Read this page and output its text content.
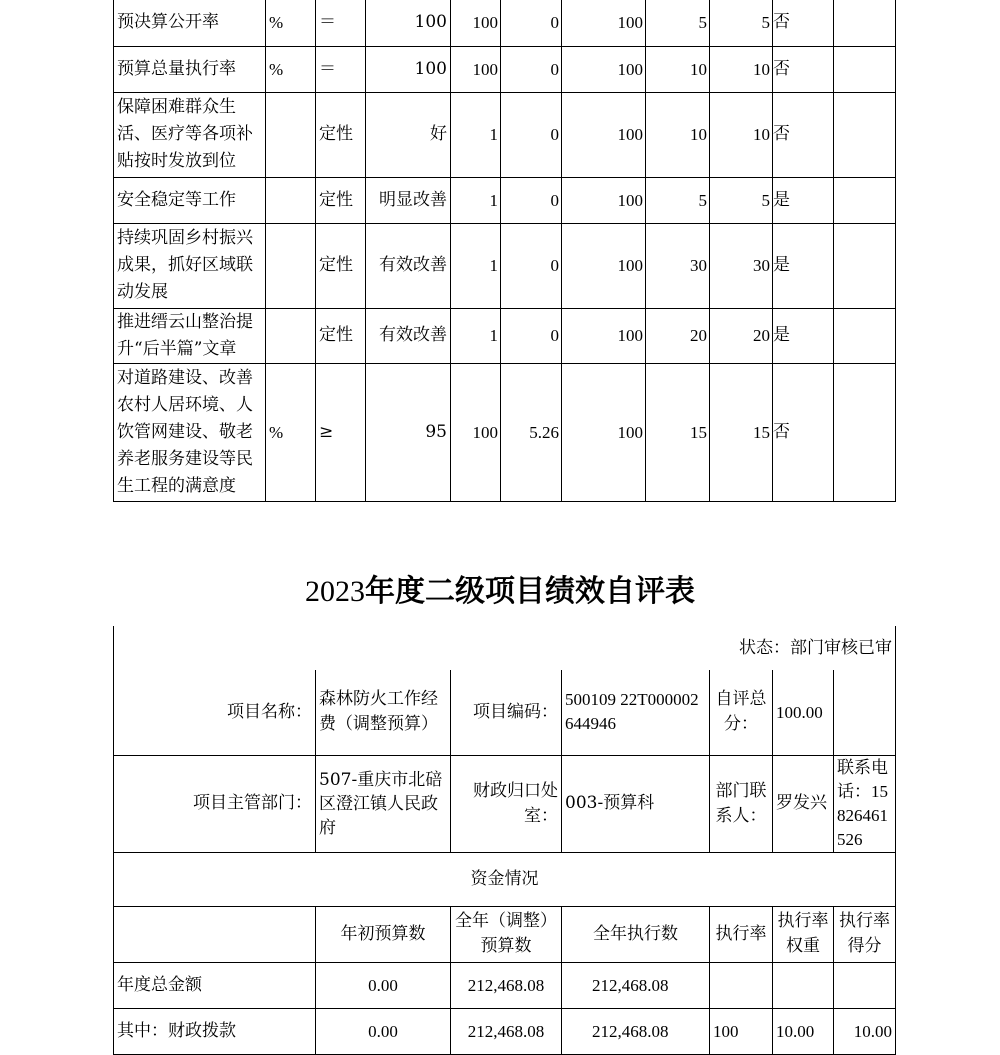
预决算公开率	%	＝	100	100	0	100	5	5	否	
预算总量执行率	%	＝	100	100	0	100	10	10	否	
保障困难群众生活、医疗等各项补贴按时发放到位		定性	好	1	0	100	10	10	否	
安全稳定等工作		定性	明显改善	1	0	100	5	5	是	
持续巩固乡村振兴成果，抓好区域联动发展		定性	有效改善	1	0	100	30	30	是	
推进缙云山整治提升“后半篇”文章		定性	有效改善	1	0	100	20	20	是	
对道路建设、改善农村人居环境、人饮管网建设、敬老养老服务建设等民生工程的满意度	%	≥	95	100	5.26	100	15	15	否	
2023年度二级项目绩效自评表
状态：部门审核已审						
项目名称：	森林防火工作经费（调整预算）	项目编码：	500109 22T000002644946	自评总分：	100.00	
项目主管部门：	507-重庆市北碚区澄江镇人民政府	财政归口处室：	003-预算科	部门联系人：	罗发兴	联系电话：15826461526
资金情况						
	年初预算数	全年（调整）预算数	全年执行数	执行率	执行率权重	执行率得分
年度总金额	0.00	212,468.08	212,468.08			
其中：财政拨款	0.00	212,468.08	212,468.08	100	10.00	10.00
